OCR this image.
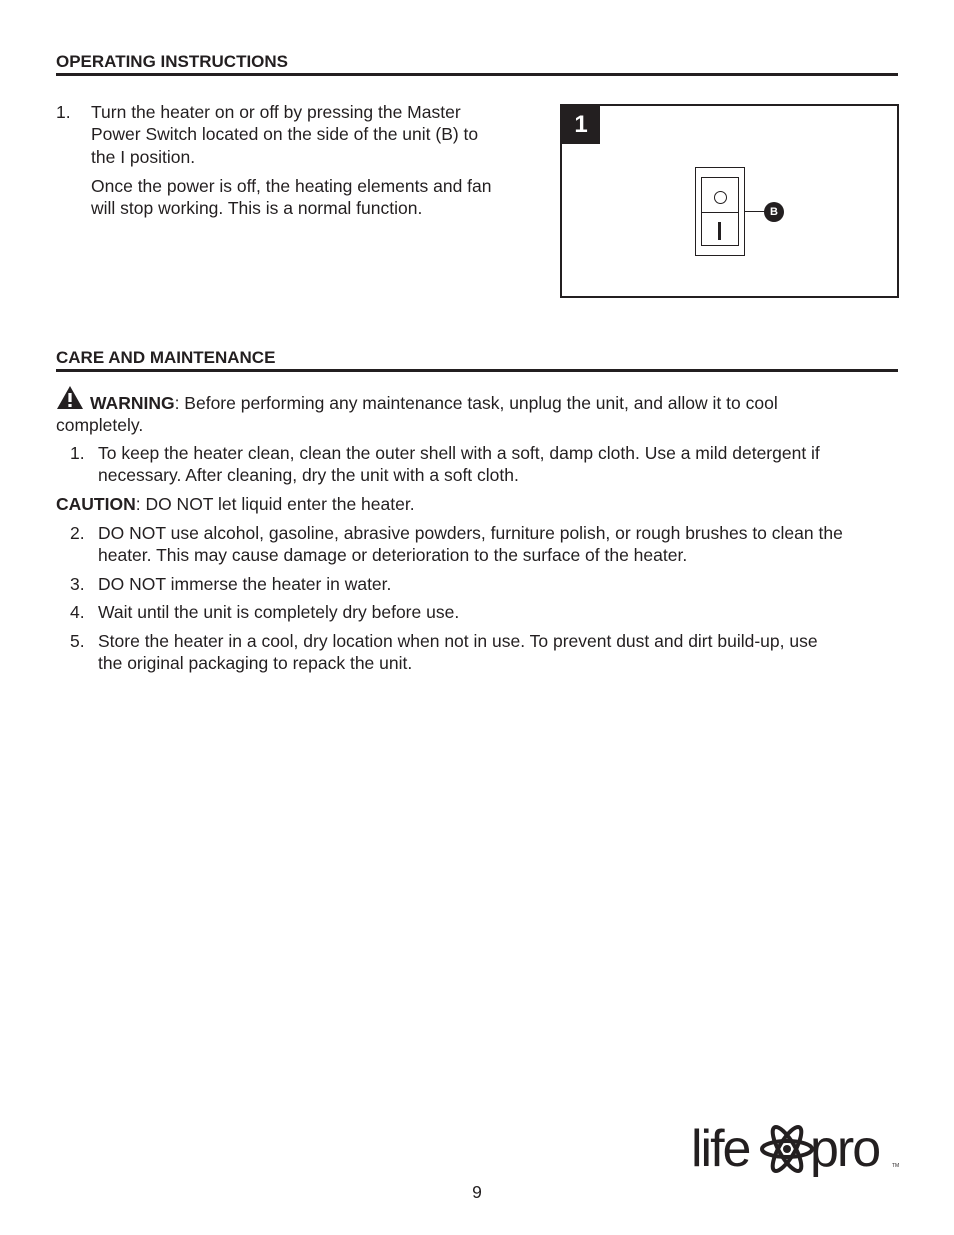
OPERATING INSTRUCTIONS
1. Turn the heater on or off by pressing the Master

Power Switch located on the side of the unit (B) to

the I position.

Once the power is off, the heating elements and fan

will stop working. This is a normal function.

1
B
CARE AND MAINTENANCE

WARNING: Before performing any maintenance task, unplug the unit, and allow it to cool

completely.

1. To keep the heater clean, clean the outer shell with a soft, damp cloth. Use a mild detergent if

necessary. After cleaning, dry the unit with a soft cloth.

CAUTION: DO NOT let liquid enter the heater.

2. DO NOT use alcohol, gasoline, abrasive powders, furniture polish, or rough brushes to clean the

heater. This may cause damage or deterioration to the surface of the heater.

3. DO NOT immerse the heater in water.

4. Wait until the unit is completely dry before use.

5. Store the heater in a cool, dry location when not in use. To prevent dust and dirt build-up, use

the original packaging to repack the unit.

life pro	TM
9
